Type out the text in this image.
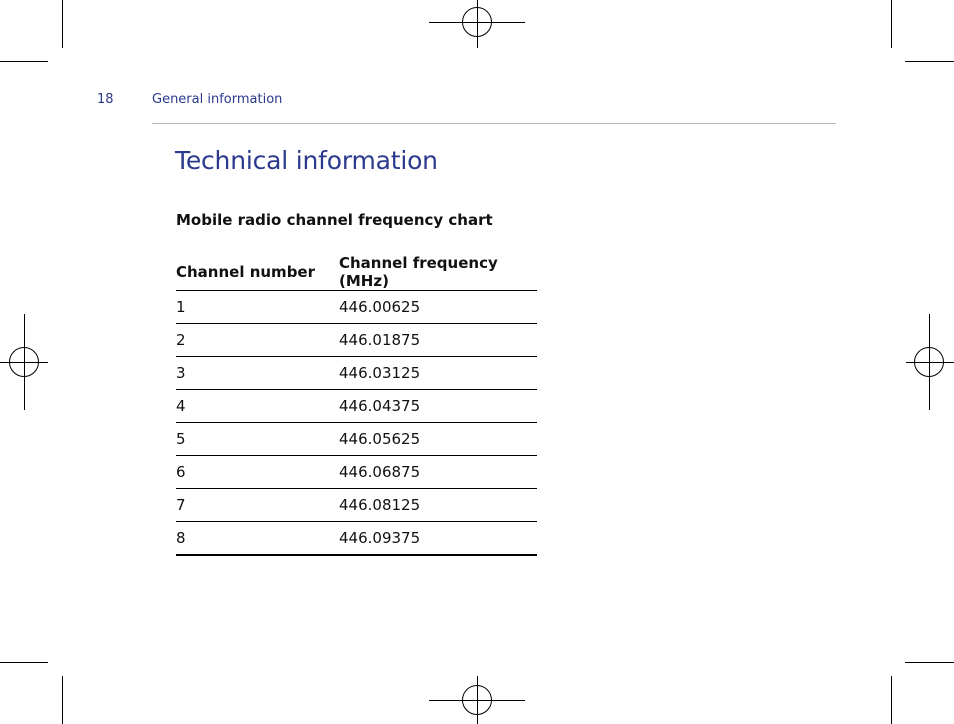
18	General information
Technical information
Mobile radio channel frequency chart
Channel number	Channel frequency (MHz)
1	446.00625
2	446.01875
3	446.03125
4	446.04375
5	446.05625
6	446.06875
7	446.08125
8	446.09375
